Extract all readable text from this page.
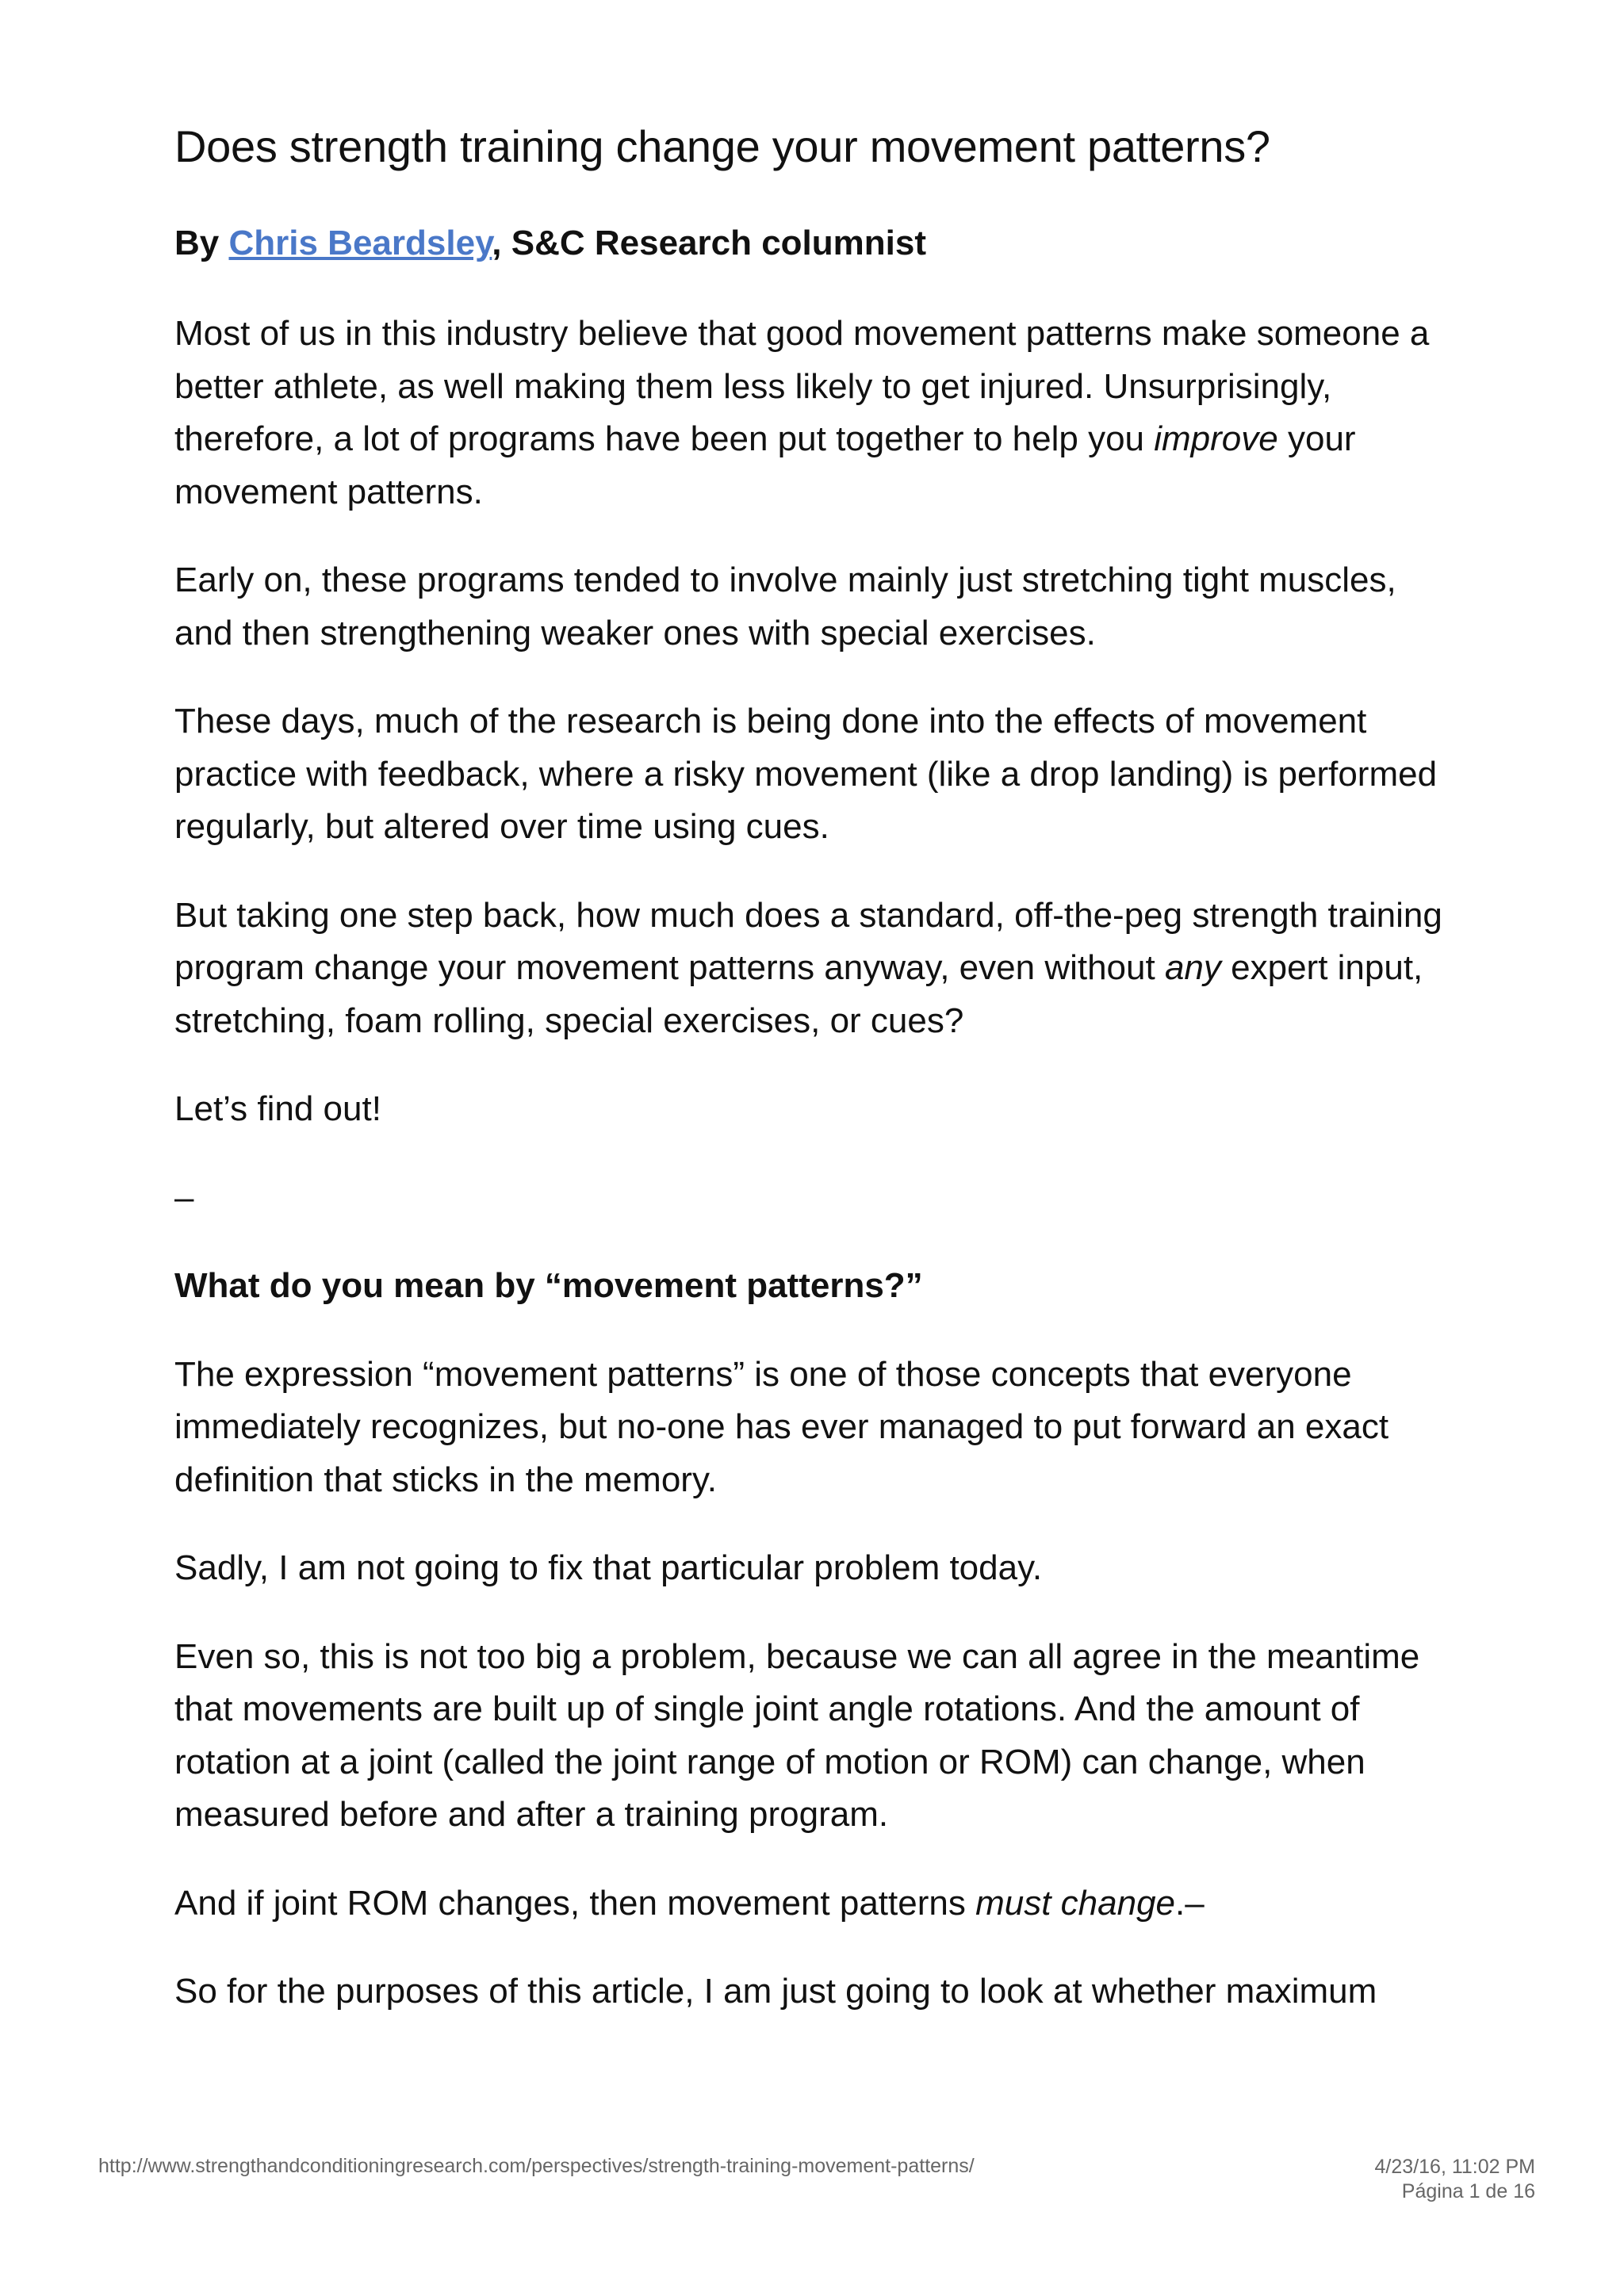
Does strength training change your movement patterns?

By Chris Beardsley, S&C Research columnist

Most of us in this industry believe that good movement patterns make someone a better athlete, as well making them less likely to get injured. Unsurprisingly, therefore, a lot of programs have been put together to help you improve your movement patterns.

Early on, these programs tended to involve mainly just stretching tight muscles, and then strengthening weaker ones with special exercises.

These days, much of the research is being done into the effects of movement practice with feedback, where a risky movement (like a drop landing) is performed regularly, but altered over time using cues.

But taking one step back, how much does a standard, off-the-peg strength training program change your movement patterns anyway, even without any expert input, stretching, foam rolling, special exercises, or cues?

Let’s find out!

–

What do you mean by “movement patterns?”

The expression “movement patterns” is one of those concepts that everyone immediately recognizes, but no-one has ever managed to put forward an exact definition that sticks in the memory.

Sadly, I am not going to fix that particular problem today.

Even so, this is not too big a problem, because we can all agree in the meantime that movements are built up of single joint angle rotations. And the amount of rotation at a joint (called the joint range of motion or ROM) can change, when measured before and after a training program.

And if joint ROM changes, then movement patterns must change.–

So for the purposes of this article, I am just going to look at whether maximum

http://www.strengthandconditioningresearch.com/perspectives/strength-training-movement-patterns/	4/23/16, 11:02 PM
Página 1 de 16
